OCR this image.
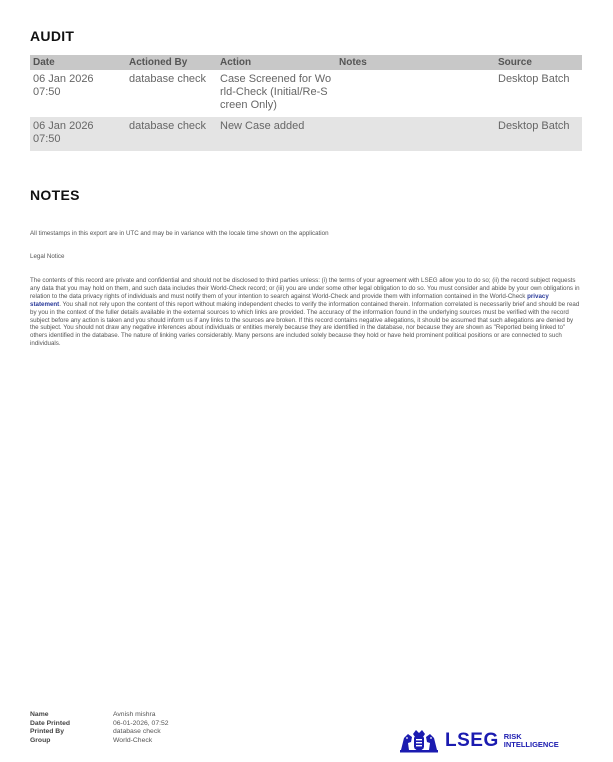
AUDIT
Date	Actioned By	Action	Notes	Source
06 Jan 2026 07:50	database check	Case Screened for World-Check (Initial/Re-Screen Only)		Desktop Batch
06 Jan 2026 07:50	database check	New Case added		Desktop Batch
NOTES
All timestamps in this export are in UTC and may be in variance with the locale time shown on the application
Legal Notice
The contents of this record are private and confidential and should not be disclosed to third parties unless: (i) the terms of your agreement with LSEG allow you to do so; (ii) the record subject requests any data that you may hold on them, and such data includes their World-Check record; or (iii) you are under some other legal obligation to do so. You must consider and abide by your own obligations in relation to the data privacy rights of individuals and must notify them of your intention to search against World-Check and provide them with information contained in the World-Check privacy statement. You shall not rely upon the content of this report without making independent checks to verify the information contained therein. Information correlated is necessarily brief and should be read by you in the context of the fuller details available in the external sources to which links are provided. The accuracy of the information found in the underlying sources must be verified with the record subject before any action is taken and you should inform us if any links to the sources are broken. If this record contains negative allegations, it should be assumed that such allegations are denied by the subject. You should not draw any negative inferences about individuals or entities merely because they are identified in the database, nor because they are shown as "Reported being linked to" others identified in the database. The nature of linking varies considerably. Many persons are included solely because they hold or have held prominent political positions or are connected to such individuals.
Name	Avnish mishra
Date Printed	06-01-2026, 07:52
Printed By	database check
Group	World-Check	LSEG RISK
INTELLIGENCE
